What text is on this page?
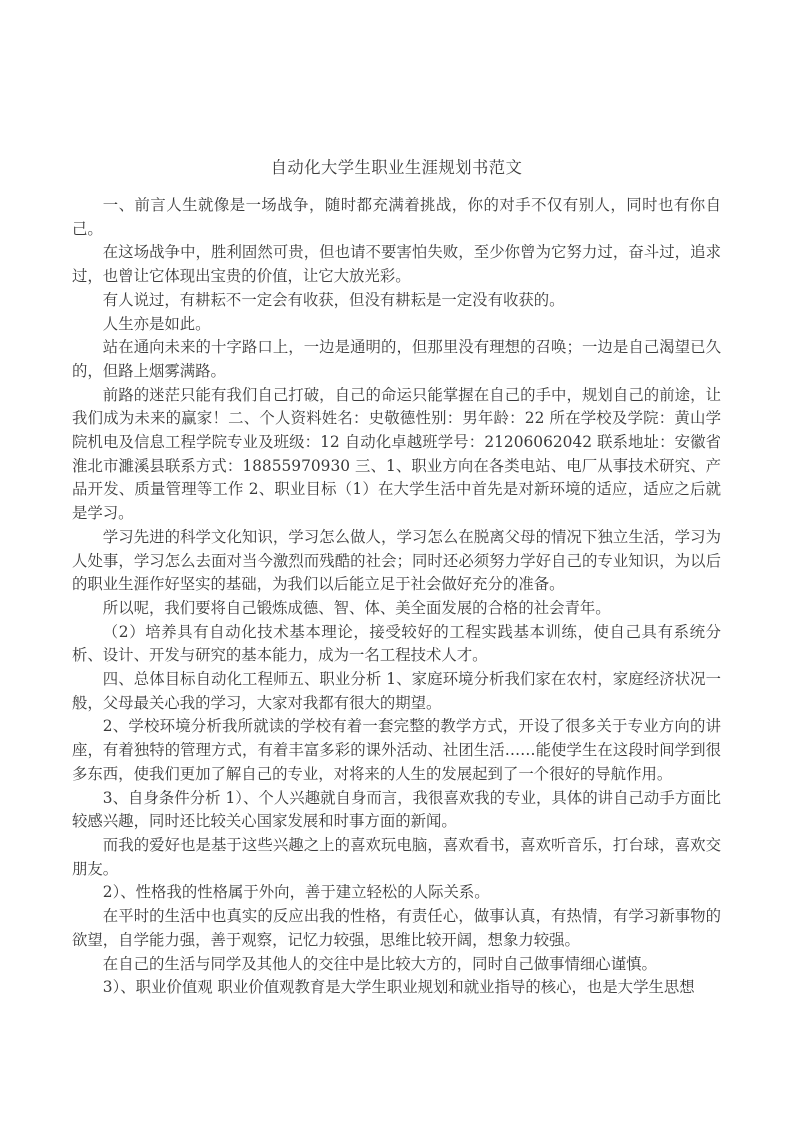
自动化大学生职业生涯规划书范文

一、前言人生就像是一场战争，随时都充满着挑战，你的对手不仅有别人，同时也有你自己。

在这场战争中，胜利固然可贵，但也请不要害怕失败，至少你曾为它努力过，奋斗过，追求过，也曾让它体现出宝贵的价值，让它大放光彩。

有人说过，有耕耘不一定会有收获，但没有耕耘是一定没有收获的。

人生亦是如此。

站在通向未来的十字路口上，一边是通明的，但那里没有理想的召唤；一边是自己渴望已久的，但路上烟雾满路。

前路的迷茫只能有我们自己打破，自己的命运只能掌握在自己的手中，规划自己的前途，让我们成为未来的赢家！二、个人资料姓名：史敬德性别：男年龄：22 所在学校及学院：黄山学院机电及信息工程学院专业及班级：12 自动化卓越班学号：21206062042 联系地址：安徽省淮北市濉溪县联系方式：18855970930 三、1、职业方向在各类电站、电厂从事技术研究、产品开发、质量管理等工作 2、职业目标（1）在大学生活中首先是对新环境的适应，适应之后就是学习。

学习先进的科学文化知识，学习怎么做人，学习怎么在脱离父母的情况下独立生活，学习为人处事，学习怎么去面对当今激烈而残酷的社会；同时还必须努力学好自己的专业知识，为以后的职业生涯作好坚实的基础，为我们以后能立足于社会做好充分的准备。

所以呢，我们要将自己锻炼成德、智、体、美全面发展的合格的社会青年。

（2）培养具有自动化技术基本理论，接受较好的工程实践基本训练，使自己具有系统分析、设计、开发与研究的基本能力，成为一名工程技术人才。

四、总体目标自动化工程师五、职业分析 1、家庭环境分析我们家在农村，家庭经济状况一般，父母最关心我的学习，大家对我都有很大的期望。

2、学校环境分析我所就读的学校有着一套完整的教学方式，开设了很多关于专业方向的讲座，有着独特的管理方式，有着丰富多彩的课外活动、社团生活……能使学生在这段时间学到很多东西，使我们更加了解自己的专业，对将来的人生的发展起到了一个很好的导航作用。

3、自身条件分析 1）、个人兴趣就自身而言，我很喜欢我的专业，具体的讲自己动手方面比较感兴趣，同时还比较关心国家发展和时事方面的新闻。

而我的爱好也是基于这些兴趣之上的喜欢玩电脑，喜欢看书，喜欢听音乐，打台球，喜欢交朋友。

2）、性格我的性格属于外向，善于建立轻松的人际关系。

在平时的生活中也真实的反应出我的性格，有责任心，做事认真，有热情，有学习新事物的欲望，自学能力强，善于观察，记忆力较强，思维比较开阔，想象力较强。

在自己的生活与同学及其他人的交往中是比较大方的，同时自己做事情细心谨慎。

3）、职业价值观 职业价值观教育是大学生职业规划和就业指导的核心，也是大学生思想
